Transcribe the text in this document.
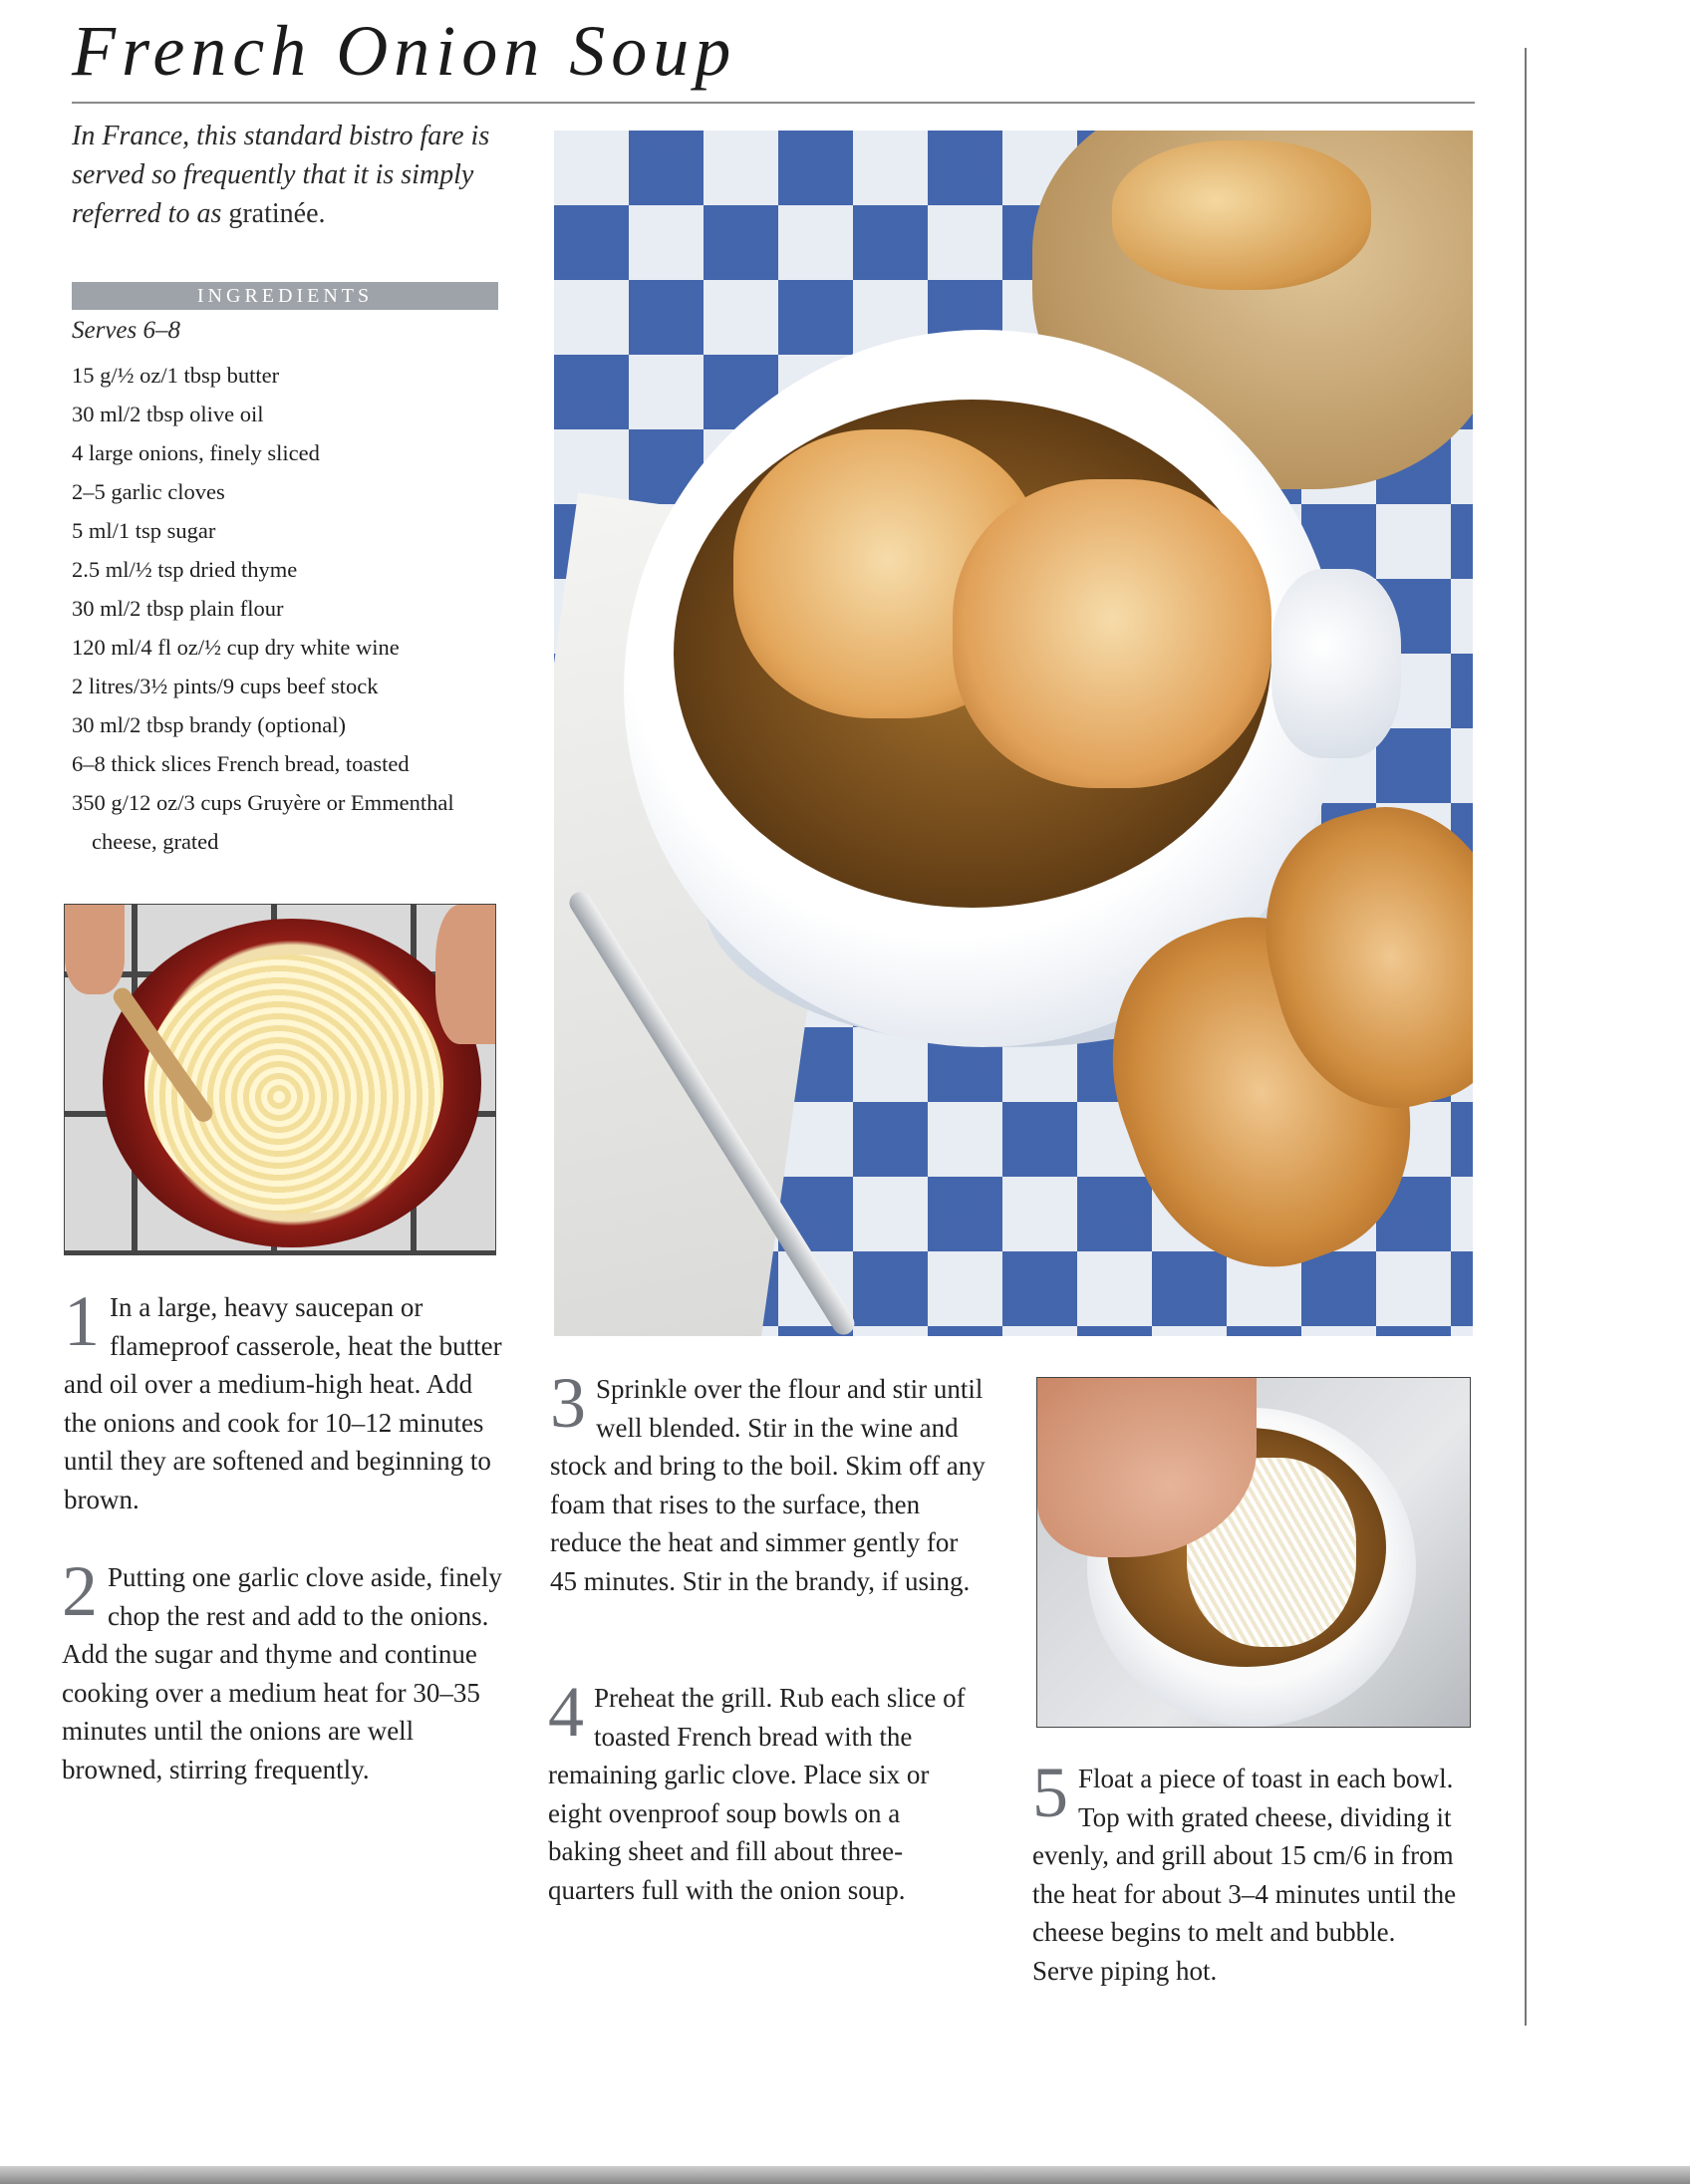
French Onion Soup
In France, this standard bistro fare is served so frequently that it is simply referred to as gratinée.
INGREDIENTS
Serves 6–8
15 g/½ oz/1 tbsp butter
30 ml/2 tbsp olive oil
4 large onions, finely sliced
2–5 garlic cloves
5 ml/1 tsp sugar
2.5 ml/½ tsp dried thyme
30 ml/2 tbsp plain flour
120 ml/4 fl oz/½ cup dry white wine
2 litres/3½ pints/9 cups beef stock
30 ml/2 tbsp brandy (optional)
6–8 thick slices French bread, toasted
350 g/12 oz/3 cups Gruyère or Emmenthal
cheese, grated
1 In a large, heavy saucepan or flameproof casserole, heat the butter and oil over a medium-high heat. Add the onions and cook for 10–12 minutes until they are softened and beginning to brown.
2 Putting one garlic clove aside, finely chop the rest and add to the onions. Add the sugar and thyme and continue cooking over a medium heat for 30–35 minutes until the onions are well browned, stirring frequently.
3 Sprinkle over the flour and stir until well blended. Stir in the wine and stock and bring to the boil. Skim off any foam that rises to the surface, then reduce the heat and simmer gently for 45 minutes. Stir in the brandy, if using.
4 Preheat the grill. Rub each slice of toasted French bread with the remaining garlic clove. Place six or eight ovenproof soup bowls on a baking sheet and fill about three-quarters full with the onion soup.
5 Float a piece of toast in each bowl. Top with grated cheese, dividing it evenly, and grill about 15 cm/6 in from the heat for about 3–4 minutes until the cheese begins to melt and bubble. Serve piping hot.
